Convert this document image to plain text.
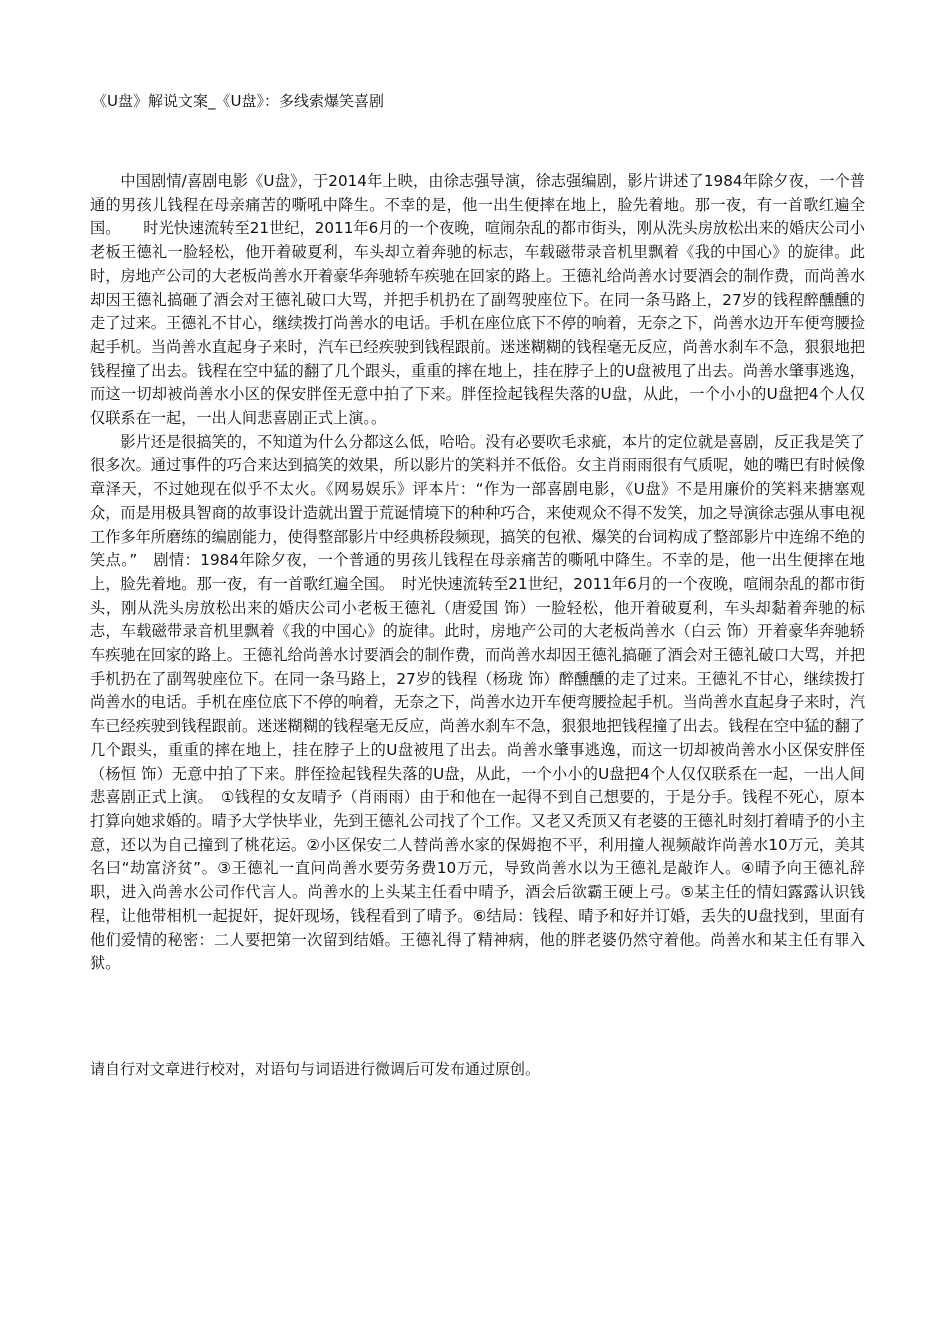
《U盘》解说文案_《U盘》：多线索爆笑喜剧

中国剧情/喜剧电影《U盘》，于2014年上映，由徐志强导演，徐志强编剧，影片讲述了1984年除夕夜，一个普通的男孩儿钱程在母亲痛苦的嘶吼中降生。不幸的是，他一出生便摔在地上，脸先着地。那一夜，有一首歌红遍全国。　　时光快速流转至21世纪，2011年6月的一个夜晚，喧闹杂乱的都市街头，刚从洗头房放松出来的婚庆公司小老板王德礼一脸轻松，他开着破夏利，车头却立着奔驰的标志，车载磁带录音机里飘着《我的中国心》的旋律。此时，房地产公司的大老板尚善水开着豪华奔驰轿车疾驰在回家的路上。王德礼给尚善水讨要酒会的制作费，而尚善水却因王德礼搞砸了酒会对王德礼破口大骂，并把手机扔在了副驾驶座位下。在同一条马路上，27岁的钱程醉醺醺的走了过来。王德礼不甘心，继续拨打尚善水的电话。手机在座位底下不停的响着，无奈之下，尚善水边开车便弯腰捡起手机。当尚善水直起身子来时，汽车已经疾驶到钱程跟前。迷迷糊糊的钱程毫无反应，尚善水刹车不急，狠狠地把钱程撞了出去。钱程在空中猛的翻了几个跟头，重重的摔在地上，挂在脖子上的U盘被甩了出去。尚善水肇事逃逸，而这一切却被尚善水小区的保安胖侄无意中拍了下来。胖侄捡起钱程失落的U盘，从此，一个小小的U盘把4个人仅仅联系在一起，一出人间悲喜剧正式上演。。

影片还是很搞笑的，不知道为什么分都这么低，哈哈。没有必要吹毛求疵，本片的定位就是喜剧，反正我是笑了很多次。通过事件的巧合来达到搞笑的效果，所以影片的笑料并不低俗。女主肖雨雨很有气质呢，她的嘴巴有时候像章泽天，不过她现在似乎不太火。《网易娱乐》评本片：“作为一部喜剧电影，《U盘》不是用廉价的笑料来搪塞观众，而是用极具智商的故事设计造就出置于荒诞情境下的种种巧合，来使观众不得不发笑，加之导演徐志强从事电视工作多年所磨练的编剧能力，使得整部影片中经典桥段频现，搞笑的包袱、爆笑的台词构成了整部影片中连绵不绝的笑点。”　剧情：1984年除夕夜，一个普通的男孩儿钱程在母亲痛苦的嘶吼中降生。不幸的是，他一出生便摔在地上，脸先着地。那一夜，有一首歌红遍全国。　时光快速流转至21世纪，2011年6月的一个夜晚，喧闹杂乱的都市街头，刚从洗头房放松出来的婚庆公司小老板王德礼（唐爱国 饰）一脸轻松，他开着破夏利，车头却黏着奔驰的标志，车载磁带录音机里飘着《我的中国心》的旋律。此时，房地产公司的大老板尚善水（白云 饰）开着豪华奔驰轿车疾驰在回家的路上。王德礼给尚善水讨要酒会的制作费，而尚善水却因王德礼搞砸了酒会对王德礼破口大骂，并把手机扔在了副驾驶座位下。在同一条马路上，27岁的钱程（杨珑 饰）醉醺醺的走了过来。王德礼不甘心，继续拨打尚善水的电话。手机在座位底下不停的响着，无奈之下，尚善水边开车便弯腰捡起手机。当尚善水直起身子来时，汽车已经疾驶到钱程跟前。迷迷糊糊的钱程毫无反应，尚善水刹车不急，狠狠地把钱程撞了出去。钱程在空中猛的翻了几个跟头，重重的摔在地上，挂在脖子上的U盘被甩了出去。尚善水肇事逃逸，而这一切却被尚善水小区保安胖侄（杨恒 饰）无意中拍了下来。胖侄捡起钱程失落的U盘，从此，一个小小的U盘把4个人仅仅联系在一起，一出人间悲喜剧正式上演。　①钱程的女友晴予（肖雨雨）由于和他在一起得不到自己想要的，于是分手。钱程不死心，原本打算向她求婚的。晴予大学快毕业，先到王德礼公司找了个工作。又老又秃顶又有老婆的王德礼时刻打着晴予的小主意，还以为自己撞到了桃花运。②小区保安二人替尚善水家的保姆抱不平，利用撞人视频敲诈尚善水10万元，美其名曰“劫富济贫”。③王德礼一直问尚善水要劳务费10万元，导致尚善水以为王德礼是敲诈人。④晴予向王德礼辞职，进入尚善水公司作代言人。尚善水的上头某主任看中晴予，酒会后欲霸王硬上弓。⑤某主任的情妇露露认识钱程，让他带相机一起捉奸，捉奸现场，钱程看到了晴予。⑥结局：钱程、晴予和好并订婚，丢失的U盘找到，里面有他们爱情的秘密：二人要把第一次留到结婚。王德礼得了精神病，他的胖老婆仍然守着他。尚善水和某主任有罪入狱。

请自行对文章进行校对，对语句与词语进行微调后可发布通过原创。
